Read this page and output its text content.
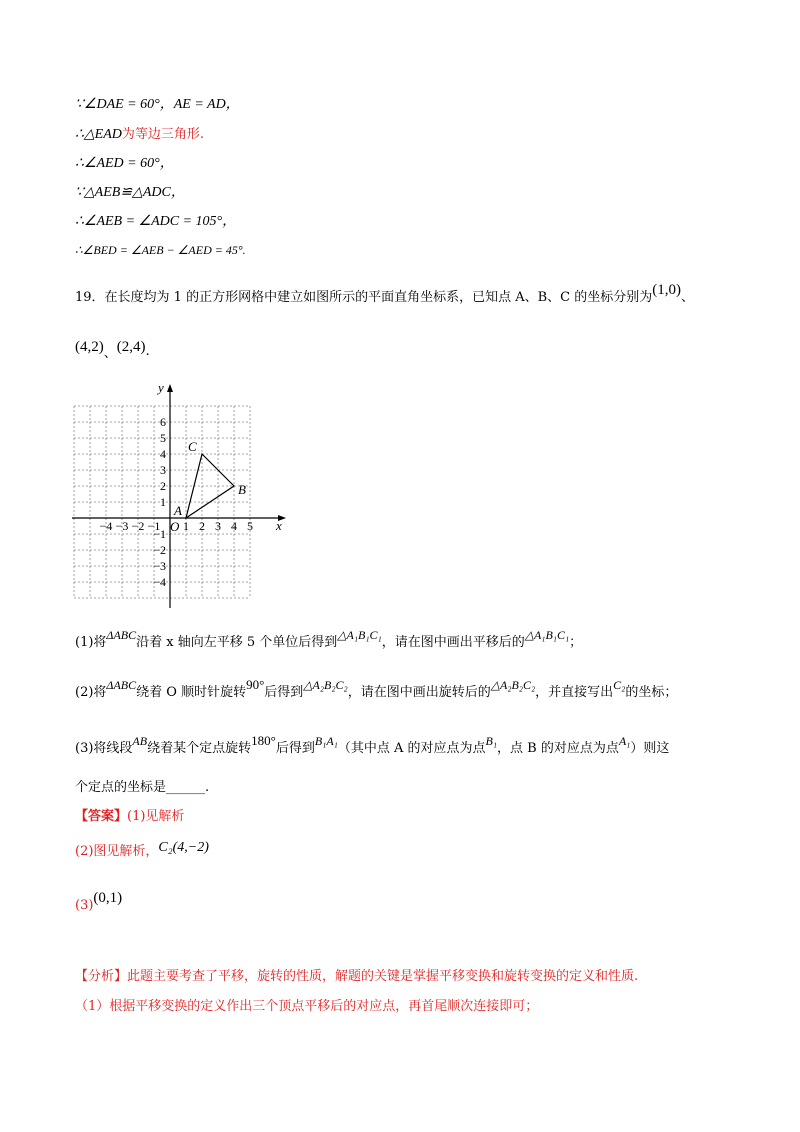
∵∠DAE = 60°，AE = AD，
∴△EAD为等边三角形.
∴∠AED = 60°，
∵△AEB≌△ADC，
∴∠AEB = ∠ADC = 105°，
∴∠BED = ∠AEB − ∠AED = 45°.
19．在长度均为 1 的正方形网格中建立如图所示的平面直角坐标系，已知点 A、B、C 的坐标分别为(1,0)、
(4,2)、(2,4).
x
y
O
−4 −3 −2 −1 1 2 3 4 5
6
5
4
3
2
1
−1
−2
−3
−4
A
B
C
(1)将ΔABC沿着 x 轴向左平移 5 个单位后得到△A₁B₁C₁，请在图中画出平移后的△A₁B₁C₁；
(2)将ΔABC绕着 O 顺时针旋转90°后得到△A₂B₂C₂，请在图中画出旋转后的△A₂B₂C₂，并直接写出C₂的坐标；
(3)将线段AB绕着某个定点旋转180°后得到B₁A₁（其中点 A 的对应点为点B₁，点 B 的对应点为点A₁）则这
个定点的坐标是______.
【答案】(1)见解析
(2)图见解析，C₂(4,−2)
(3)(0,1)
【分析】此题主要考查了平移，旋转的性质，解题的关键是掌握平移变换和旋转变换的定义和性质.
（1）根据平移变换的定义作出三个顶点平移后的对应点，再首尾顺次连接即可；
